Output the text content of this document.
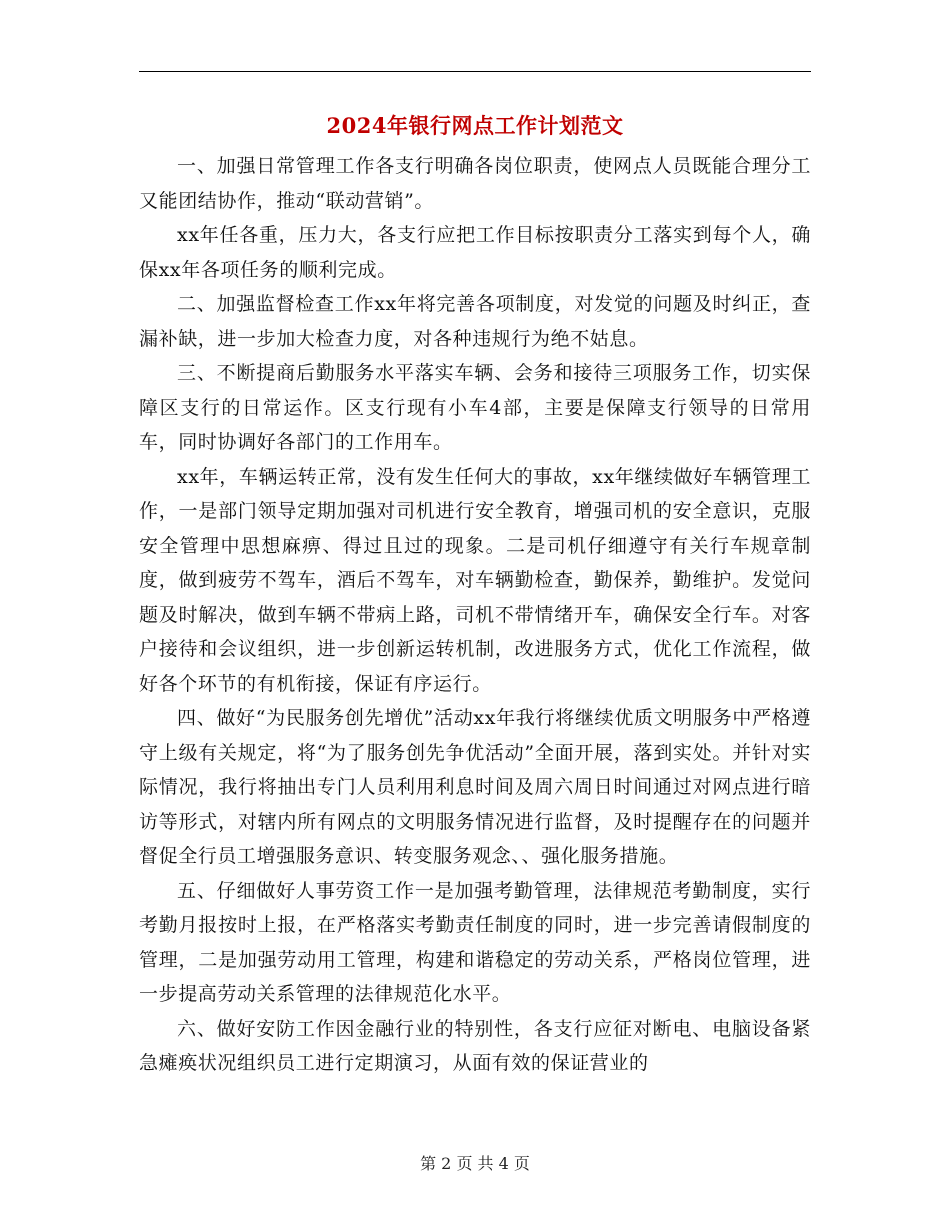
2024年银行网点工作计划范文

一、加强日常管理工作各支行明确各岗位职责，使网点人员既能合理分工又能团结协作，推动“联动营销”。

xx年任各重，压力大，各支行应把工作目标按职责分工落实到每个人，确保xx年各项任务的顺利完成。

二、加强监督检查工作xx年将完善各项制度，对发觉的问题及时纠正，查漏补缺，进一步加大检查力度，对各种违规行为绝不姑息。

三、不断提商后勤服务水平落实车辆、会务和接待三项服务工作，切实保障区支行的日常运作。区支行现有小车4部，主要是保障支行领导的日常用车，同时协调好各部门的工作用车。

xx年，车辆运转正常，没有发生任何大的事故，xx年继续做好车辆管理工作，一是部门领导定期加强对司机进行安全教育，增强司机的安全意识，克服安全管理中思想麻痹、得过且过的现象。二是司机仔细遵守有关行车规章制度，做到疲劳不驾车，酒后不驾车，对车辆勤检查，勤保养，勤维护。发觉问题及时解决，做到车辆不带病上路，司机不带情绪开车，确保安全行车。对客户接待和会议组织，进一步创新运转机制，改进服务方式，优化工作流程，做好各个环节的有机衔接，保证有序运行。

四、做好“为民服务创先增优”活动xx年我行将继续优质文明服务中严格遵守上级有关规定，将“为了服务创先争优活动”全面开展，落到实处。并针对实际情况，我行将抽出专门人员利用利息时间及周六周日时间通过对网点进行暗访等形式，对辖内所有网点的文明服务情况进行监督，及时提醒存在的问题并督促全行员工增强服务意识、转变服务观念、、强化服务措施。

五、仔细做好人事劳资工作一是加强考勤管理，法律规范考勤制度，实行考勤月报按时上报，在严格落实考勤责任制度的同时，进一步完善请假制度的管理，二是加强劳动用工管理，构建和谐稳定的劳动关系，严格岗位管理，进一步提高劳动关系管理的法律规范化水平。

六、做好安防工作因金融行业的特别性，各支行应征对断电、电脑设备紧急瘫痪状况组织员工进行定期演习，从面有效的保证营业的

第 2 页 共 4 页
